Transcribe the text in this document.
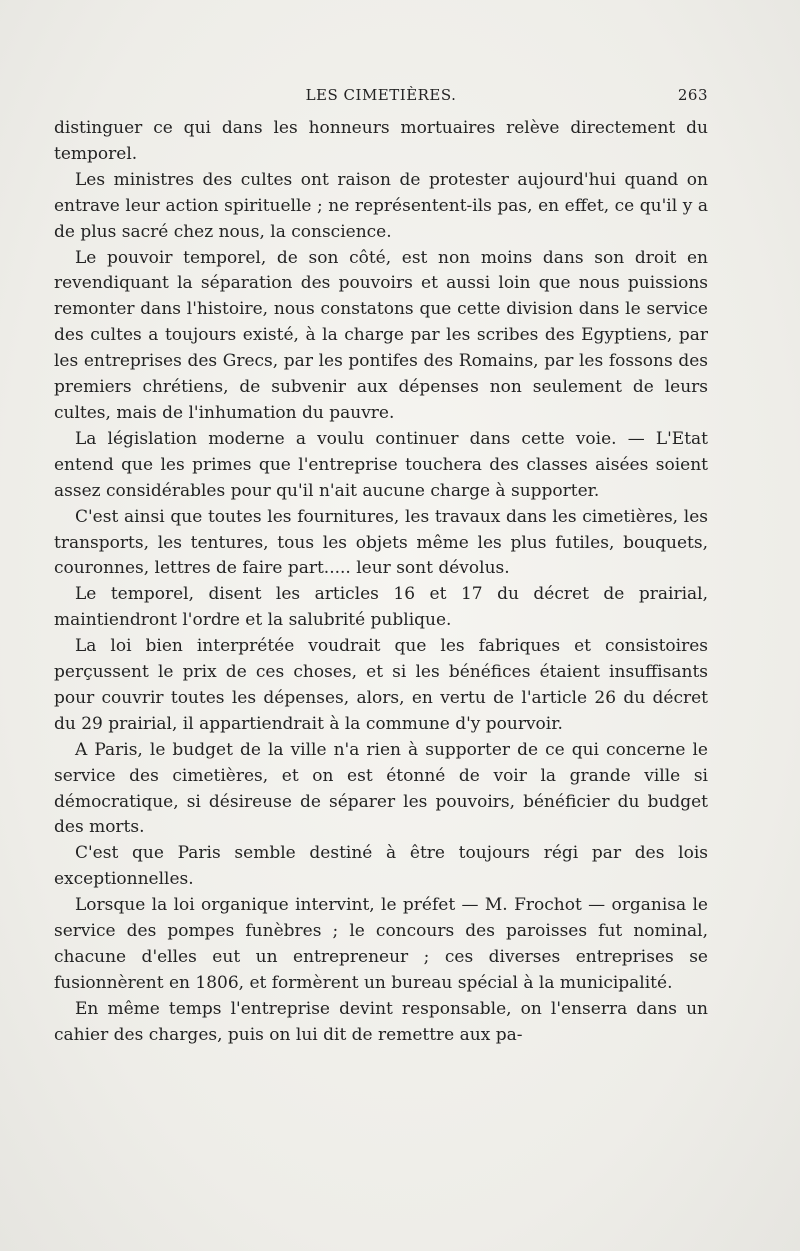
LES CIMETIÈRES.	263

distinguer ce qui dans les honneurs mortuaires relève directement du temporel.

Les ministres des cultes ont raison de protester aujourd'hui quand on entrave leur action spirituelle ; ne représentent-ils pas, en effet, ce qu'il y a de plus sacré chez nous, la conscience.

Le pouvoir temporel, de son côté, est non moins dans son droit en revendiquant la séparation des pouvoirs et aussi loin que nous puissions remonter dans l'histoire, nous constatons que cette division dans le service des cultes a toujours existé, à la charge par les scribes des Egyptiens, par les entreprises des Grecs, par les pontifes des Romains, par les fossons des premiers chrétiens, de subvenir aux dépenses non seulement de leurs cultes, mais de l'inhumation du pauvre.

La législation moderne a voulu continuer dans cette voie. — L'Etat entend que les primes que l'entreprise touchera des classes aisées soient assez considérables pour qu'il n'ait aucune charge à supporter.

C'est ainsi que toutes les fournitures, les travaux dans les cimetières, les transports, les tentures, tous les objets même les plus futiles, bouquets, couronnes, lettres de faire part..... leur sont dévolus.

Le temporel, disent les articles 16 et 17 du décret de prairial, maintiendront l'ordre et la salubrité publique.

La loi bien interprétée voudrait que les fabriques et consistoires perçussent le prix de ces choses, et si les bénéfices étaient insuffisants pour couvrir toutes les dépenses, alors, en vertu de l'article 26 du décret du 29 prairial, il appartiendrait à la commune d'y pourvoir.

A Paris, le budget de la ville n'a rien à supporter de ce qui concerne le service des cimetières, et on est étonné de voir la grande ville si démocratique, si désireuse de séparer les pouvoirs, bénéficier du budget des morts.

C'est que Paris semble destiné à être toujours régi par des lois exceptionnelles.

Lorsque la loi organique intervint, le préfet — M. Frochot — organisa le service des pompes funèbres ; le concours des paroisses fut nominal, chacune d'elles eut un entrepreneur ; ces diverses entreprises se fusionnèrent en 1806, et formèrent un bureau spécial à la municipalité.

En même temps l'entreprise devint responsable, on l'enserra dans un cahier des charges, puis on lui dit de remettre aux pa-
